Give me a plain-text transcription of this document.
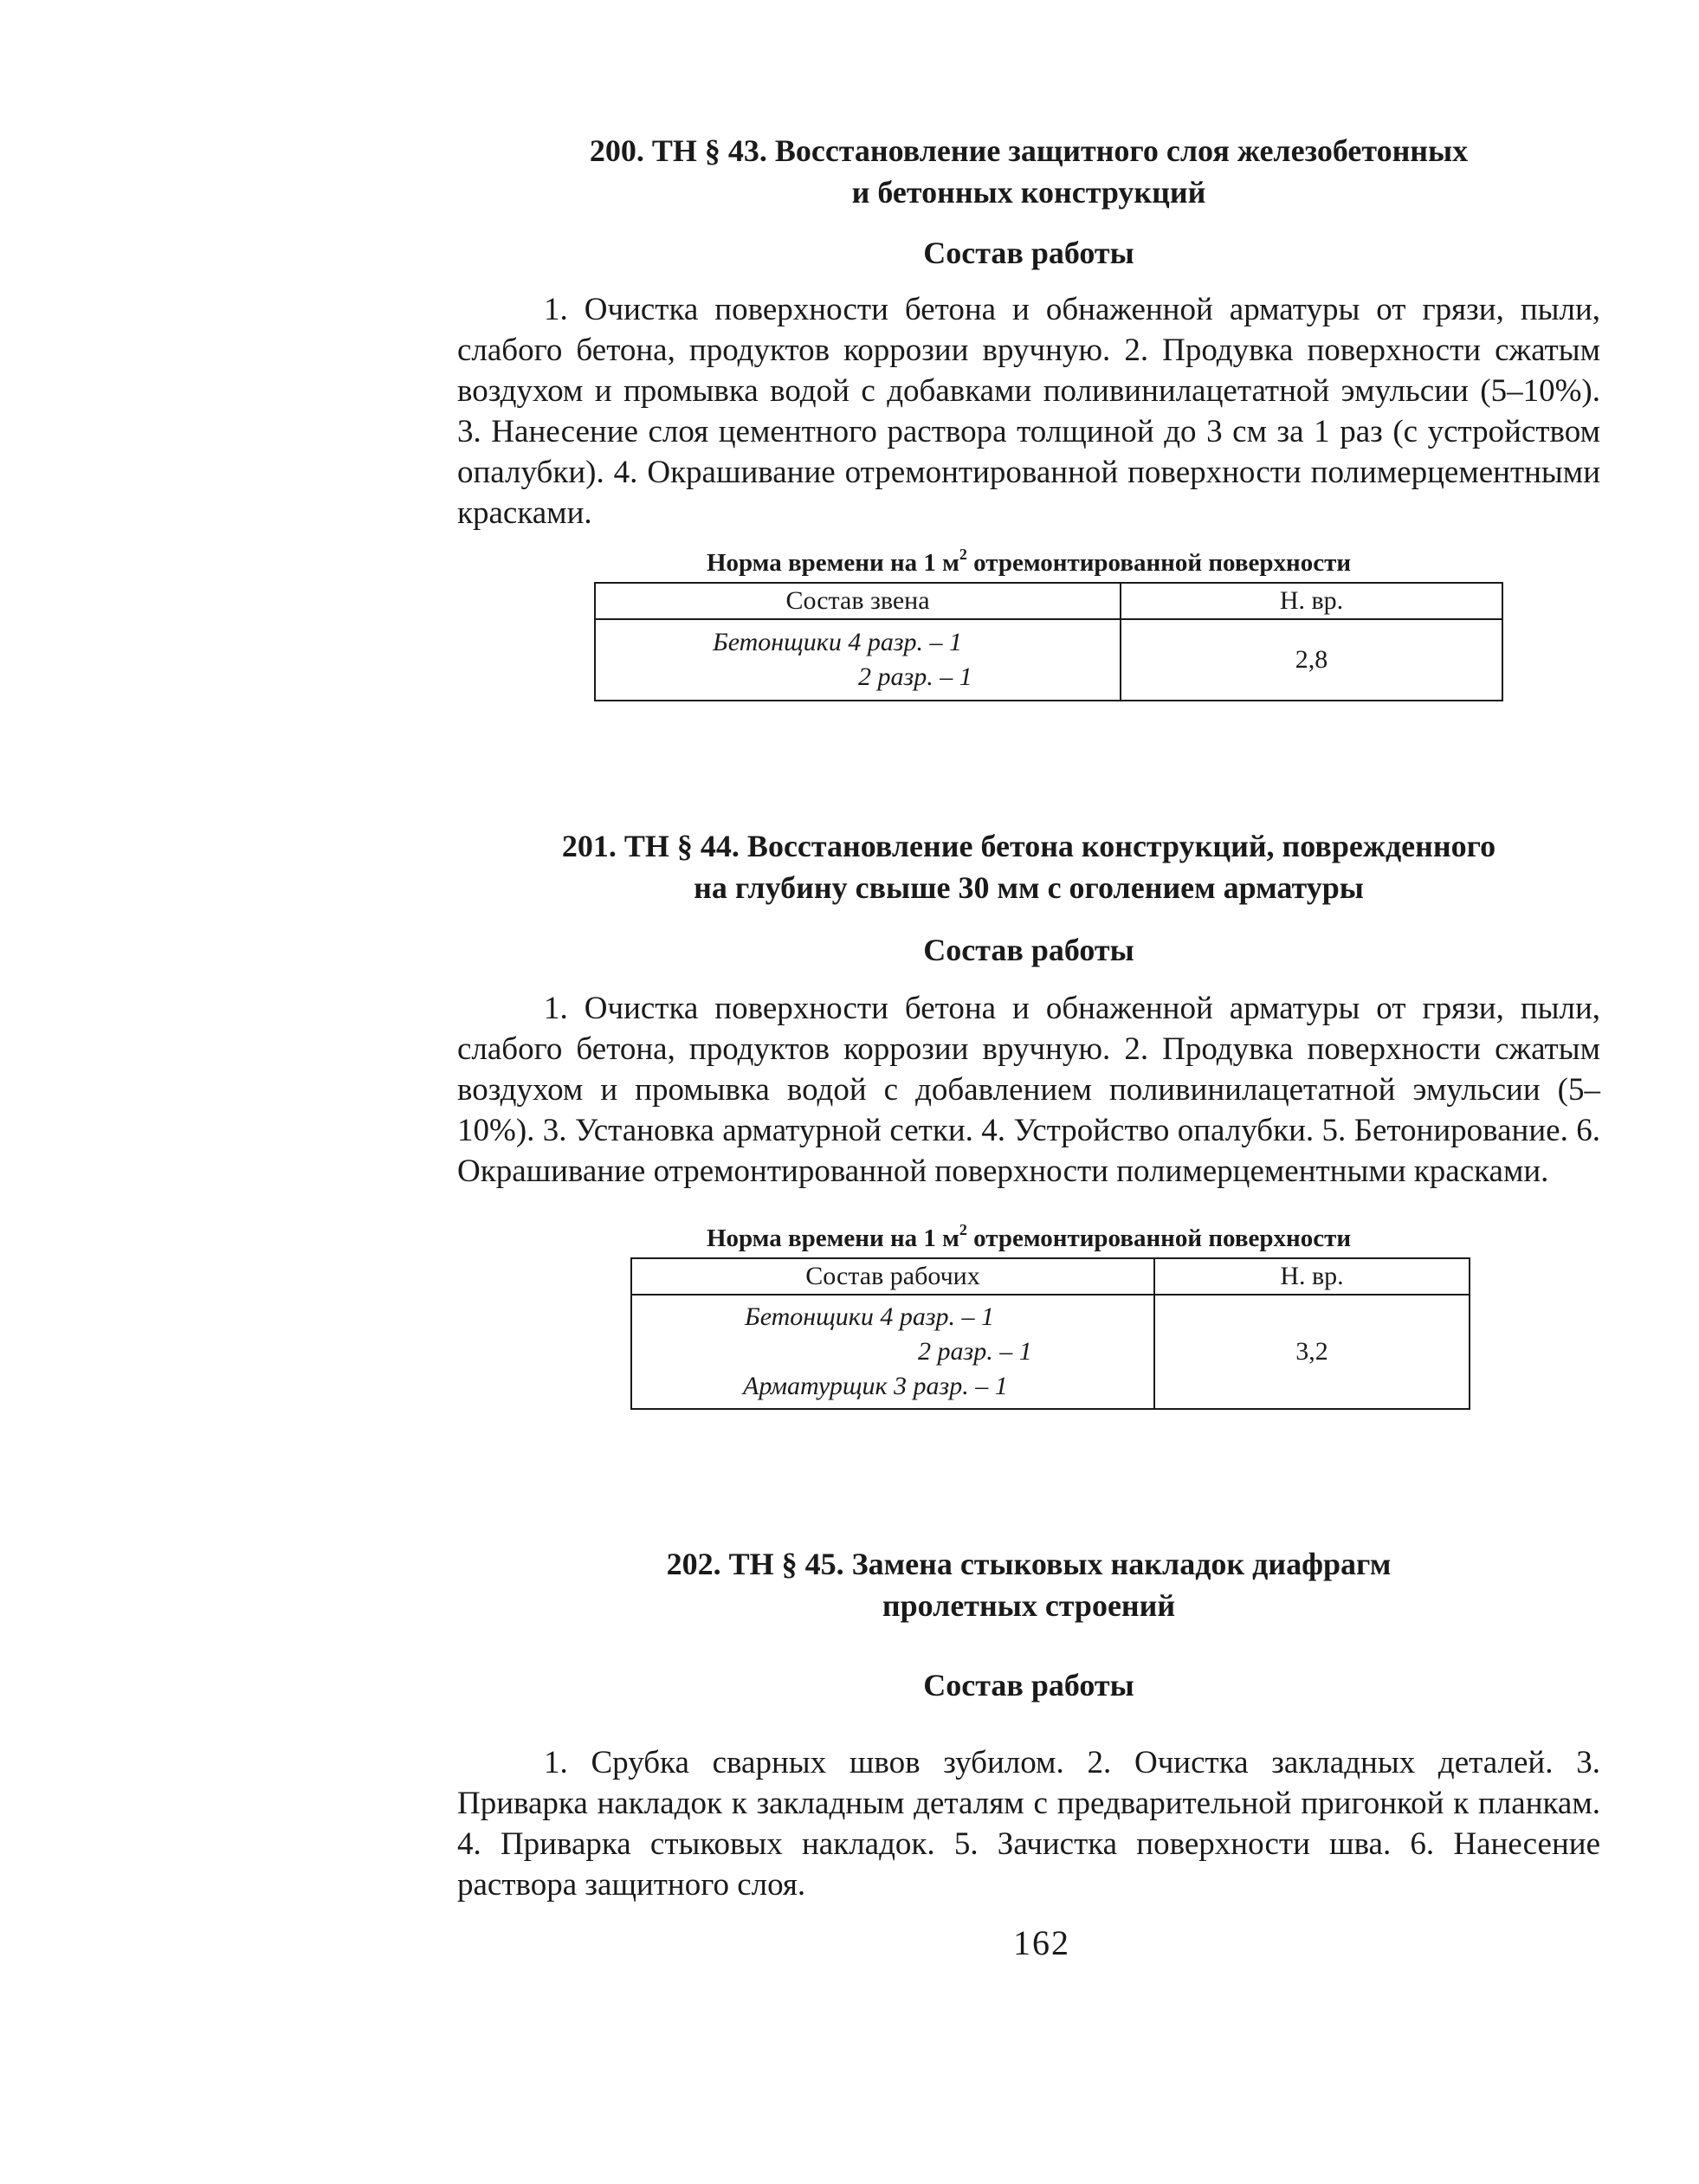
200. ТН § 43. Восстановление защитного слоя железобетонных
и бетонных конструкций

Состав работы

1. Очистка поверхности бетона и обнаженной арматуры от грязи, пыли, слабого бетона, продуктов коррозии вручную. 2. Продувка поверхности сжатым воздухом и промывка водой с добавками поливинилацетатной эмульсии (5–10%). 3. Нанесение слоя цементного раствора толщиной до 3 см за 1 раз (с устройством опалубки). 4. Окрашивание отремонтированной поверхности полимерцементными красками.

Норма времени на 1 $м^2$ отремонтированной поверхности

Состав звена	Н. вр.

Бетонщики 4 разр. – 1
2 разр. – 1	2,8

201. ТН § 44. Восстановление бетона конструкций, поврежденного
на глубину свыше 30 мм с оголением арматуры

Состав работы

1. Очистка поверхности бетона и обнаженной арматуры от грязи, пыли, слабого бетона, продуктов коррозии вручную. 2. Продувка поверхности сжатым воздухом и промывка водой с добавлением поливинилацетатной эмульсии (5–10%). 3. Установка арматурной сетки. 4. Устройство опалубки. 5. Бетонирование. 6. Окрашивание отремонтированной поверхности полимерцементными красками.

Норма времени на 1 $м^2$ отремонтированной поверхности

Состав рабочих	Н. вр.

Бетонщики 4 разр. – 1
2 разр. – 1
Арматурщик 3 разр. – 1	3,2

202. ТН § 45. Замена стыковых накладок диафрагм
пролетных строений

Состав работы

1. Срубка сварных швов зубилом. 2. Очистка закладных деталей. 3. Приварка накладок к закладным деталям с предварительной пригонкой к планкам. 4. Приварка стыковых накладок. 5. Зачистка поверхности шва. 6. Нанесение раствора защитного слоя.

162
